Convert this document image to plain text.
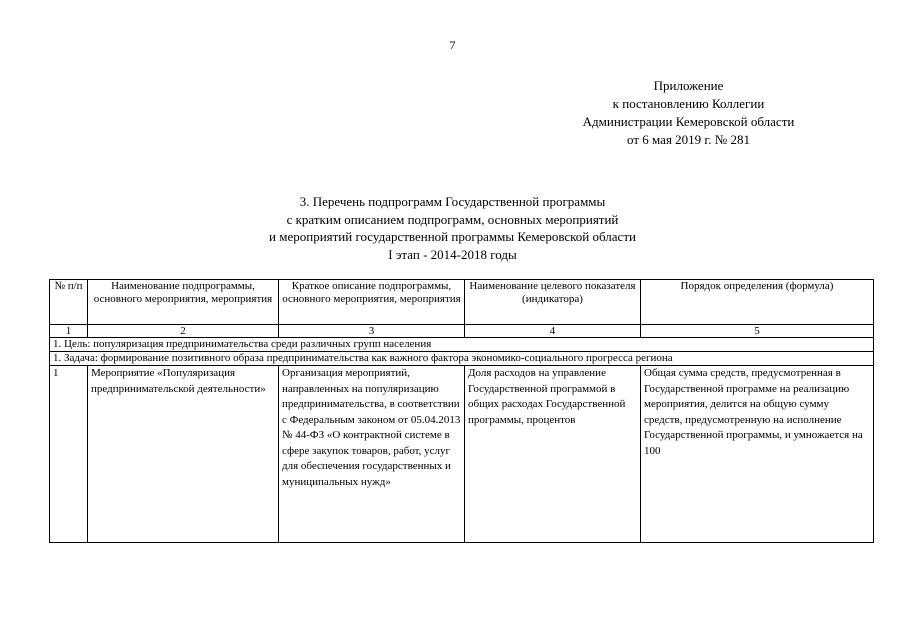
7
Приложение
к постановлению Коллегии
Администрации Кемеровской области
от 6 мая 2019 г. № 281
3. Перечень подпрограмм Государственной программы
с кратким описанием подпрограмм, основных мероприятий
и мероприятий государственной программы Кемеровской области
I этап - 2014-2018 годы
№ п/п	Наименование подпрограммы, основного мероприятия, мероприятия	Краткое описание подпрограммы, основного мероприятия, мероприятия	Наименование целевого показателя (индикатора)	Порядок определения (формула)
1	2	3	4	5
1. Цель: популяризация предпринимательства среди различных групп населения				
1. Задача: формирование позитивного образа предпринимательства как важного фактора экономико-социального прогресса региона				
1	Мероприятие «Популяризация предпринимательской деятельности»	Организация мероприятий, направленных на популяризацию предпринимательства, в соответствии с Федеральным законом от 05.04.2013 № 44-ФЗ «О контрактной системе в сфере закупок товаров, работ, услуг для обеспечения государственных и муниципальных нужд»	Доля расходов на управление Государственной программой в общих расходах Государственной программы, процентов	Общая сумма средств, предусмотренная в Государственной программе на реализацию мероприятия, делится на общую сумму средств, предусмотренную на исполнение Государственной программы, и умножается на 100
